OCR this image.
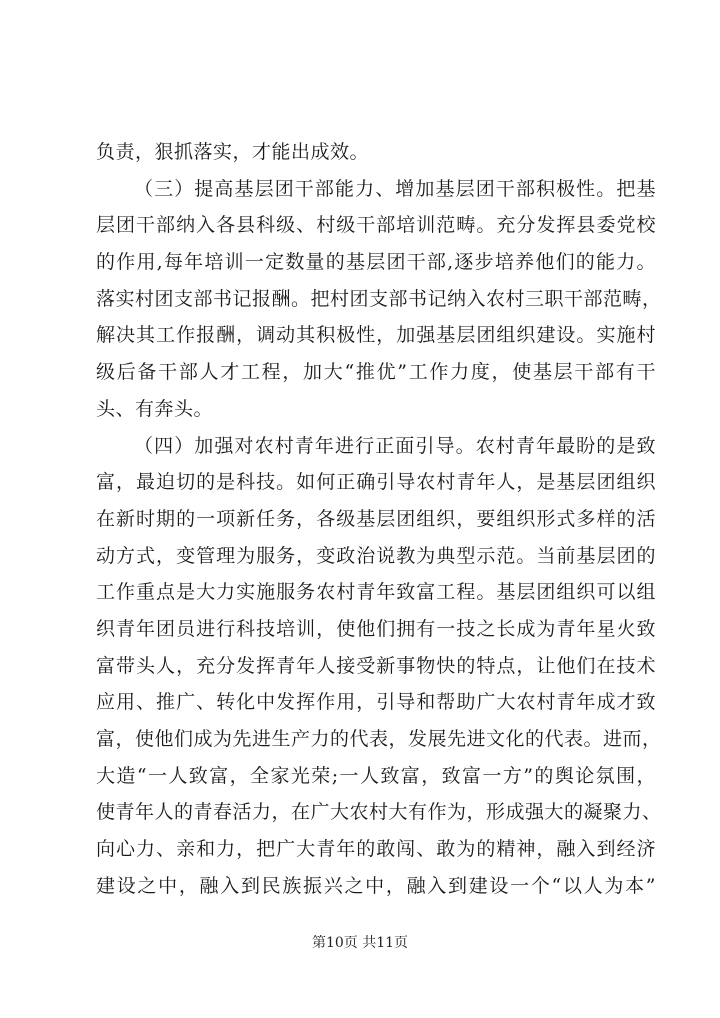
负责，狠抓落实，才能出成效。
（三）提高基层团干部能力、增加基层团干部积极性。把基
层团干部纳入各县科级、村级干部培训范畴。充分发挥县委党校
的作用,每年培训一定数量的基层团干部,逐步培养他们的能力。
落实村团支部书记报酬。把村团支部书记纳入农村三职干部范畴，
解决其工作报酬，调动其积极性，加强基层团组织建设。实施村
级后备干部人才工程，加大“推优”工作力度，使基层干部有干
头、有奔头。
（四）加强对农村青年进行正面引导。农村青年最盼的是致
富，最迫切的是科技。如何正确引导农村青年人，是基层团组织
在新时期的一项新任务，各级基层团组织，要组织形式多样的活
动方式，变管理为服务，变政治说教为典型示范。当前基层团的
工作重点是大力实施服务农村青年致富工程。基层团组织可以组
织青年团员进行科技培训，使他们拥有一技之长成为青年星火致
富带头人，充分发挥青年人接受新事物快的特点，让他们在技术
应用、推广、转化中发挥作用，引导和帮助广大农村青年成才致
富，使他们成为先进生产力的代表，发展先进文化的代表。进而，
大造“一人致富，全家光荣;一人致富，致富一方”的舆论氛围，
使青年人的青春活力，在广大农村大有作为，形成强大的凝聚力、
向心力、亲和力，把广大青年的敢闯、敢为的精神，融入到经济
建设之中，融入到民族振兴之中，融入到建设一个“以人为本”
第10页 共11页
